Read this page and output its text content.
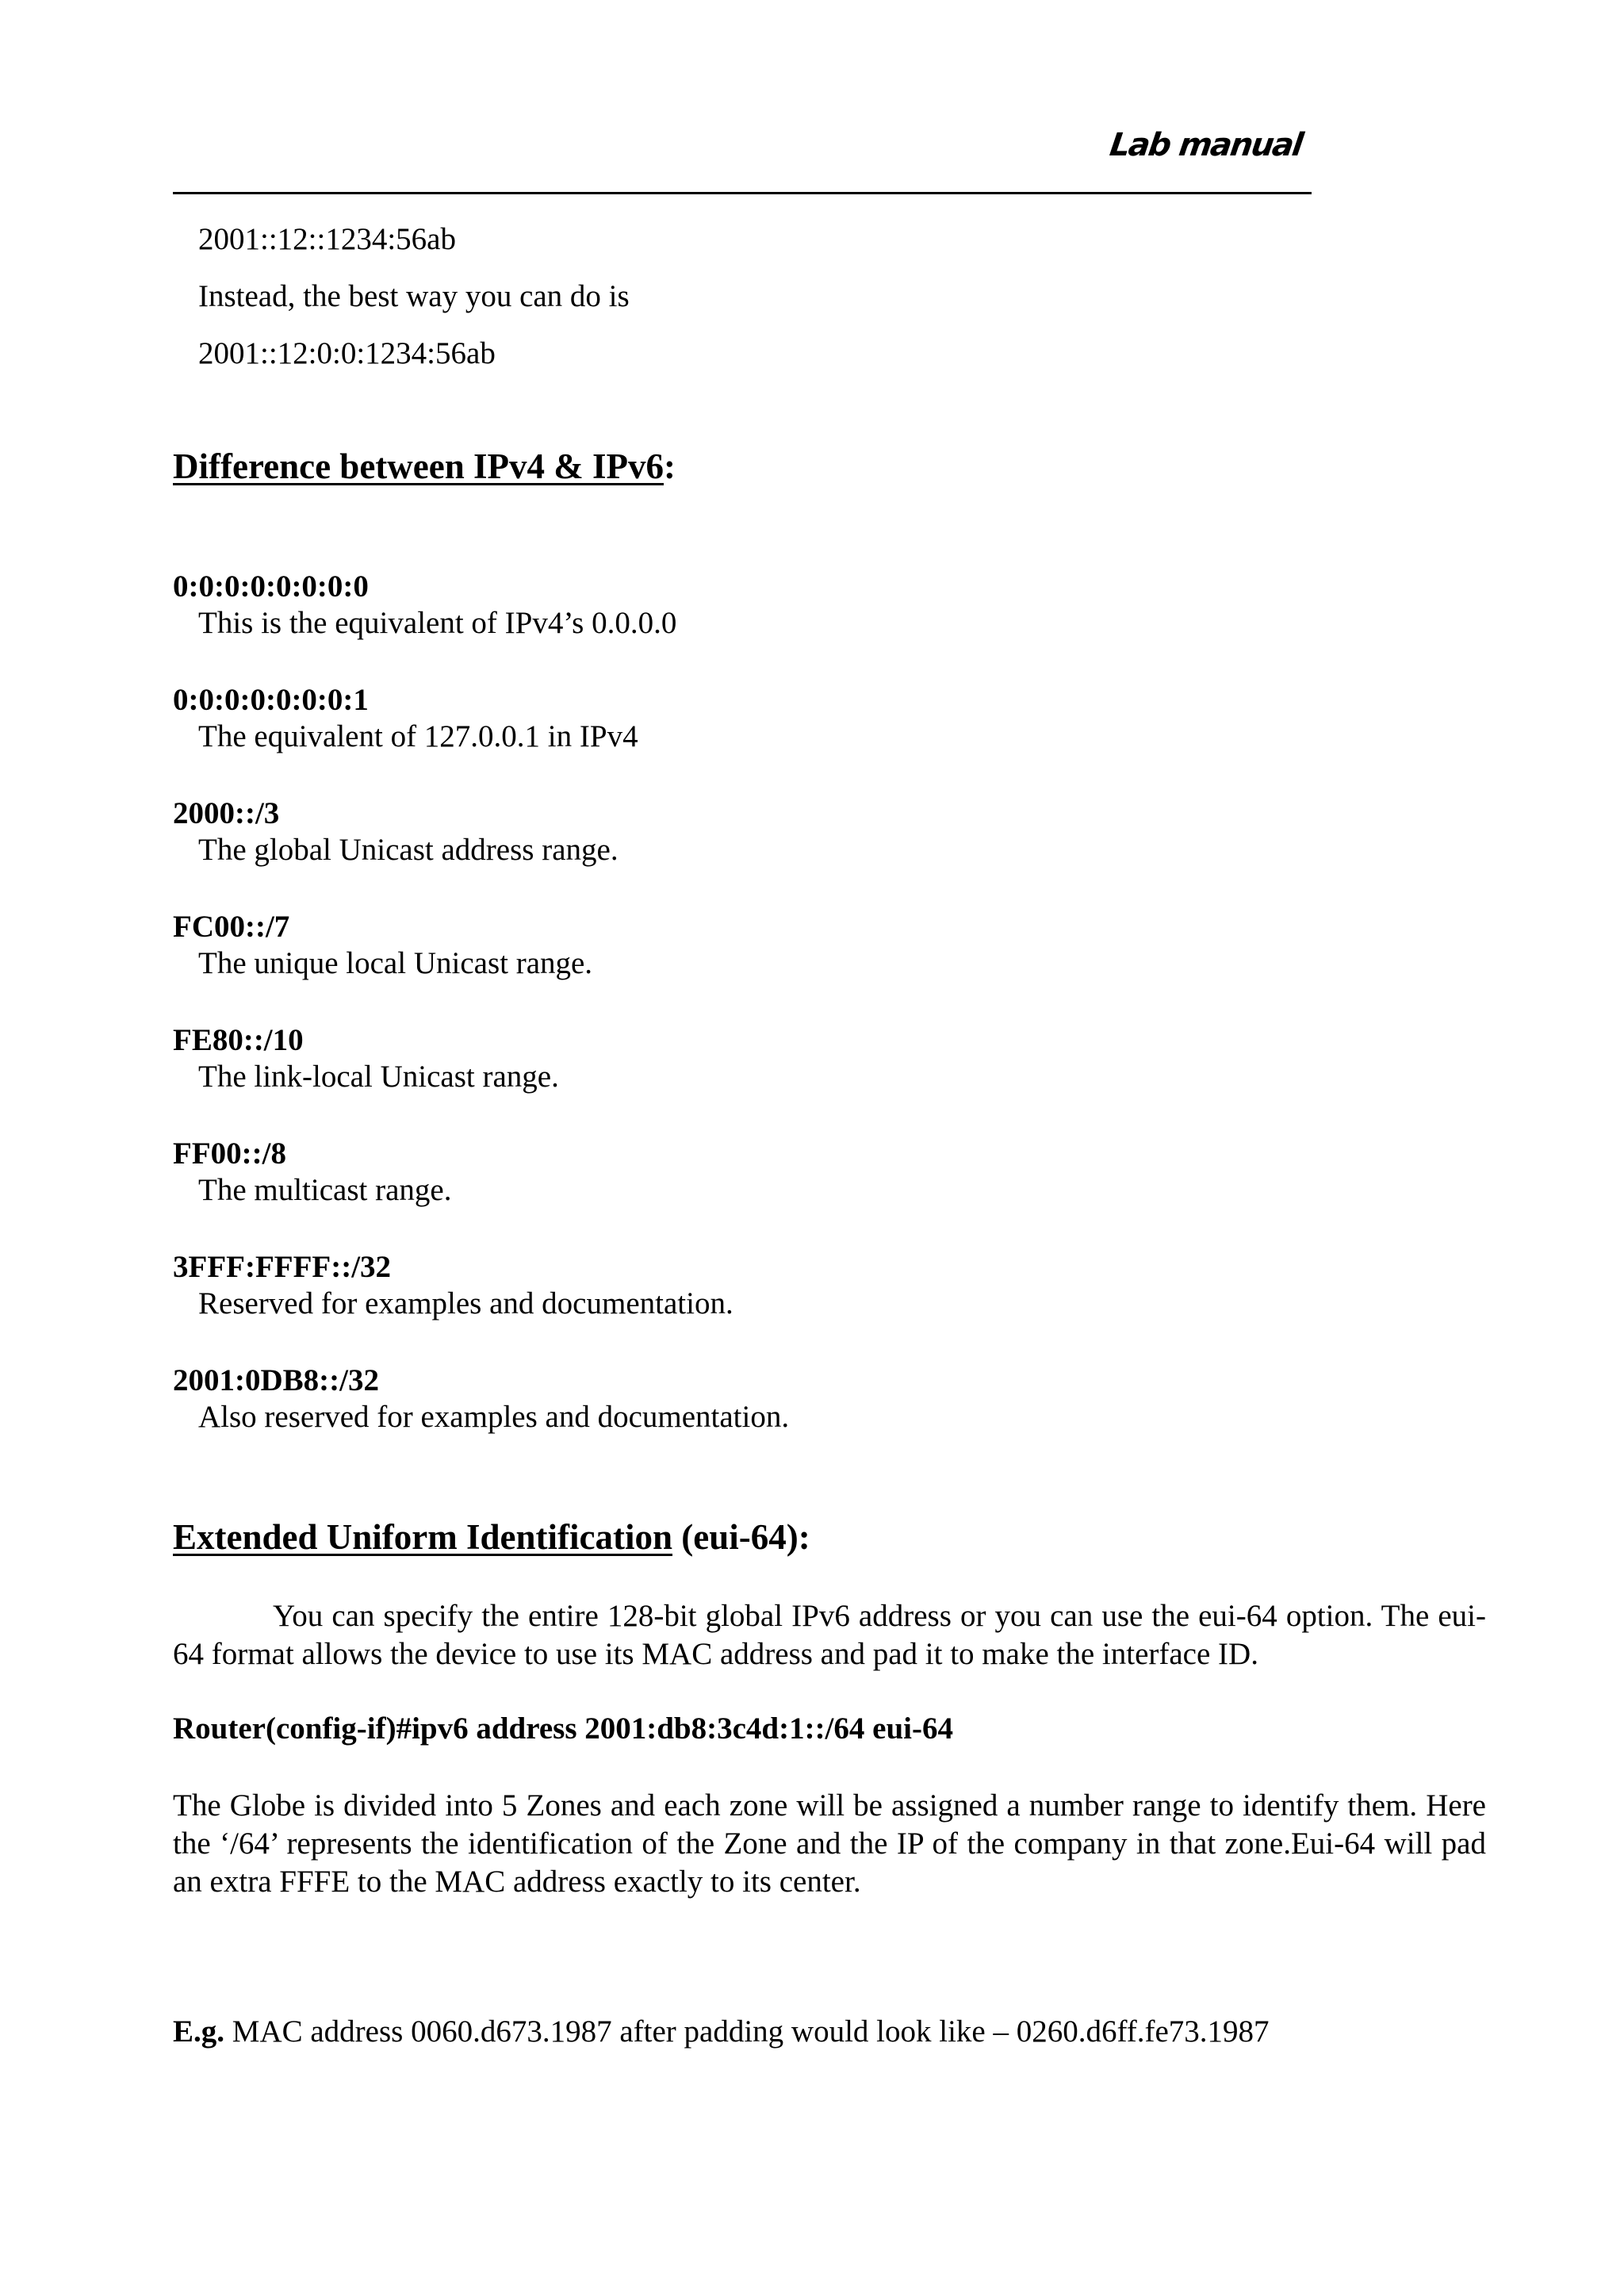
Lab manual
2001::12::1234:56ab
Instead, the best way you can do is
2001::12:0:0:1234:56ab
Difference between IPv4 & IPv6:
0:0:0:0:0:0:0:0
This is the equivalent of IPv4’s 0.0.0.0
0:0:0:0:0:0:0:1
The equivalent of 127.0.0.1 in IPv4
2000::/3
The global Unicast address range.
FC00::/7
The unique local Unicast range.
FE80::/10
The link-local Unicast range.
FF00::/8
The multicast range.
3FFF:FFFF::/32
Reserved for examples and documentation.
2001:0DB8::/32
Also reserved for examples and documentation.
Extended Uniform Identification (eui-64):
You can specify the entire 128-bit global IPv6 address or you can use the eui-64 option. The eui-64 format allows the device to use its MAC address and pad it to make the interface ID.
Router(config-if)#ipv6 address 2001:db8:3c4d:1::/64 eui-64
The Globe is divided into 5 Zones and each zone will be assigned a number range to identify them. Here the ‘/64’ represents the identification of the Zone and the IP of the company in that zone.Eui-64 will pad an extra FFFE to the MAC address exactly to its center.
E.g. MAC address 0060.d673.1987 after padding would look like – 0260.d6ff.fe73.1987
